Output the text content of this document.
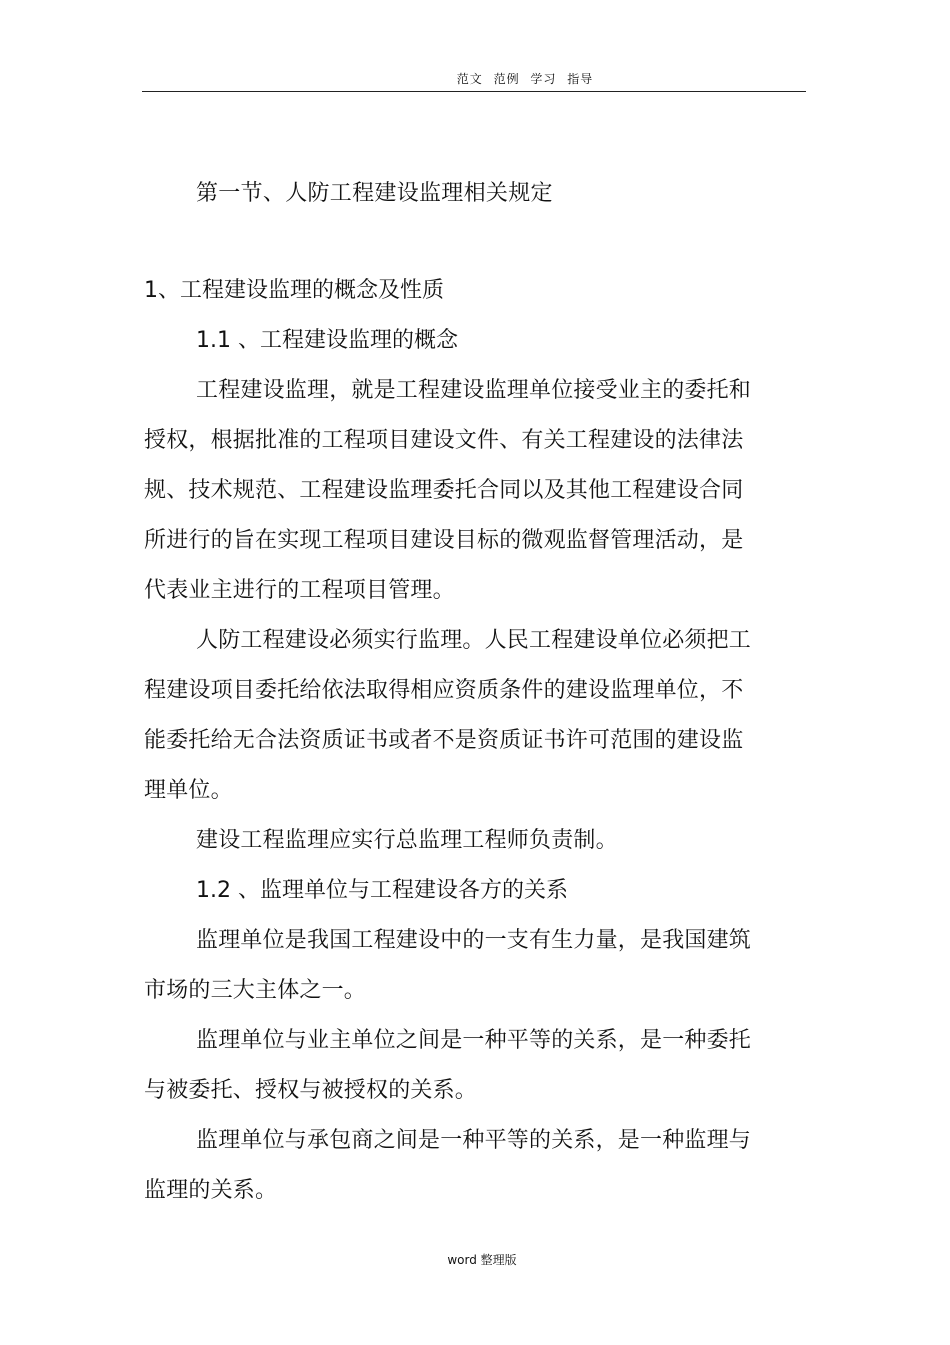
范文 范例 学习 指导
第一节、人防工程建设监理相关规定

1、工程建设监理的概念及性质

1.1 、工程建设监理的概念

工程建设监理，就是工程建设监理单位接受业主的委托和授权，根据批准的工程项目建设文件、有关工程建设的法律法规、技术规范、工程建设监理委托合同以及其他工程建设合同所进行的旨在实现工程项目建设目标的微观监督管理活动，是代表业主进行的工程项目管理。

人防工程建设必须实行监理。人民工程建设单位必须把工程建设项目委托给依法取得相应资质条件的建设监理单位，不能委托给无合法资质证书或者不是资质证书许可范围的建设监理单位。

建设工程监理应实行总监理工程师负责制。

1.2 、监理单位与工程建设各方的关系

监理单位是我国工程建设中的一支有生力量，是我国建筑市场的三大主体之一。

监理单位与业主单位之间是一种平等的关系，是一种委托与被委托、授权与被授权的关系。

监理单位与承包商之间是一种平等的关系，是一种监理与监理的关系。

word 整理版
